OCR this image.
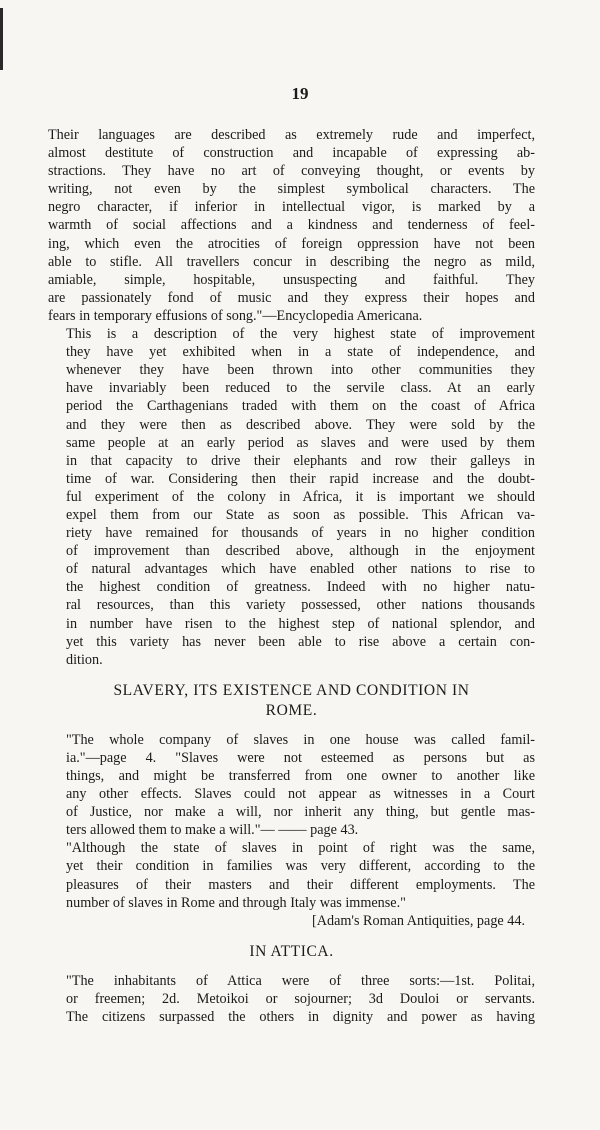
19
Their languages are described as extremely rude and imperfect,
almost destitute of construction and incapable of expressing ab-
stractions. They have no art of conveying thought, or events by
writing, not even by the simplest symbolical characters. The
negro character, if inferior in intellectual vigor, is marked by a
warmth of social affections and a kindness and tenderness of feel-
ing, which even the atrocities of foreign oppression have not been
able to stifle. All travellers concur in describing the negro as mild,
amiable, simple, hospitable, unsuspecting and faithful. They
are passionately fond of music and they express their hopes and
fears in temporary effusions of song."—Encyclopedia Americana.
This is a description of the very highest state of improvement
they have yet exhibited when in a state of independence, and
whenever they have been thrown into other communities they
have invariably been reduced to the servile class. At an early
period the Carthagenians traded with them on the coast of Africa
and they were then as described above. They were sold by the
same people at an early period as slaves and were used by them
in that capacity to drive their elephants and row their galleys in
time of war. Considering then their rapid increase and the doubt-
ful experiment of the colony in Africa, it is important we should
expel them from our State as soon as possible. This African va-
riety have remained for thousands of years in no higher condition
of improvement than described above, although in the enjoyment
of natural advantages which have enabled other nations to rise to
the highest condition of greatness. Indeed with no higher natu-
ral resources, than this variety possessed, other nations thousands
in number have risen to the highest step of national splendor, and
yet this variety has never been able to rise above a certain con-
dition.
SLAVERY, ITS EXISTENCE AND CONDITION IN
ROME.
"The whole company of slaves in one house was called famil-
ia."—page 4. "Slaves were not esteemed as persons but as
things, and might be transferred from one owner to another like
any other effects. Slaves could not appear as witnesses in a Court
of Justice, nor make a will, nor inherit any thing, but gentle mas-
ters allowed them to make a will."— —— page 43.
"Although the state of slaves in point of right was the same,
yet their condition in families was very different, according to the
pleasures of their masters and their different employments. The
number of slaves in Rome and through Italy was immense."
[Adam's Roman Antiquities, page 44.
IN ATTICA.
"The inhabitants of Attica were of three sorts:—1st. Politai,
or freemen; 2d. Metoikoi or sojourner; 3d Douloi or servants.
The citizens surpassed the others in dignity and power as having
